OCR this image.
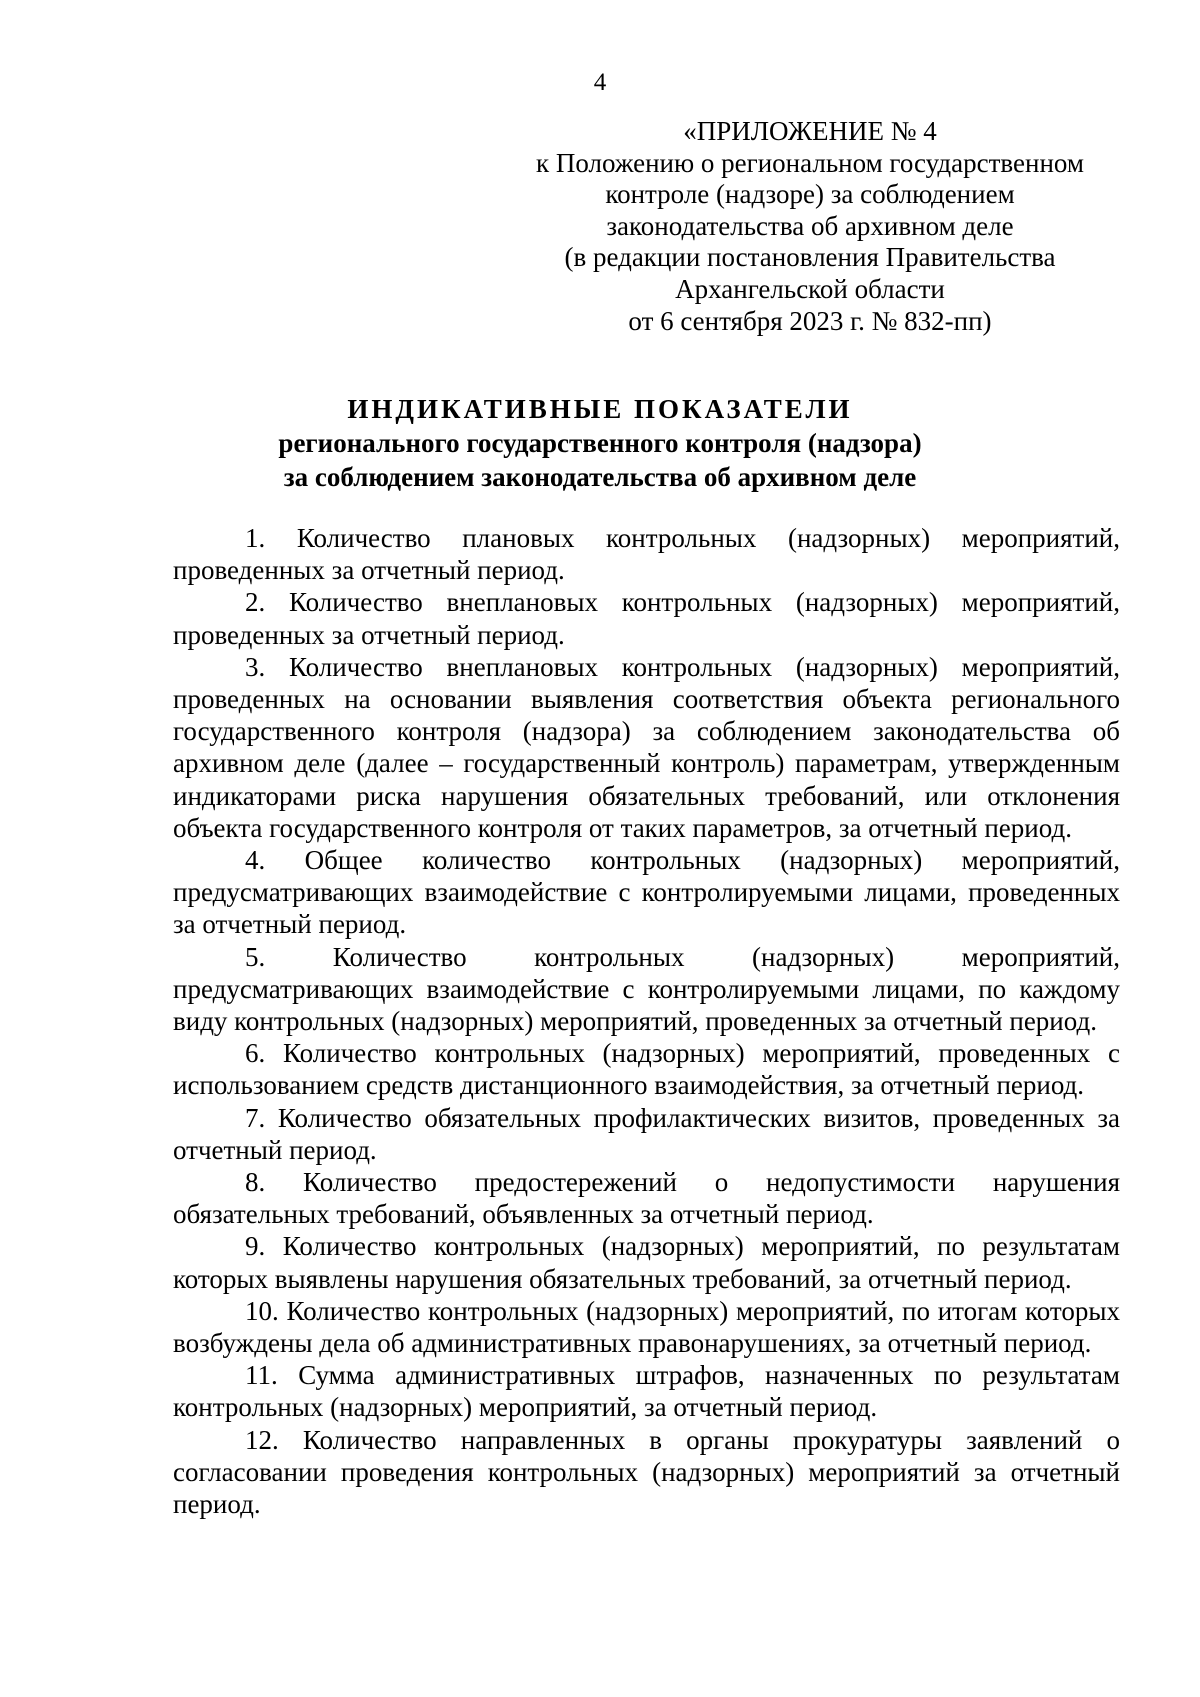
4
«ПРИЛОЖЕНИЕ № 4
к Положению о региональном государственном
контроле (надзоре) за соблюдением
законодательства об архивном деле
(в редакции постановления Правительства
Архангельской области
от 6 сентября 2023 г. № 832-пп)
ИНДИКАТИВНЫЕ ПОКАЗАТЕЛИ
регионального государственного контроля (надзора)
за соблюдением законодательства об архивном деле

1. Количество плановых контрольных (надзорных) мероприятий, проведенных за отчетный период.

2. Количество внеплановых контрольных (надзорных) мероприятий, проведенных за отчетный период.

3. Количество внеплановых контрольных (надзорных) мероприятий, проведенных на основании выявления соответствия объекта регионального государственного контроля (надзора) за соблюдением законодательства об архивном деле (далее – государственный контроль) параметрам, утвержденным индикаторами риска нарушения обязательных требований, или отклонения объекта государственного контроля от таких параметров, за отчетный период.

4. Общее количество контрольных (надзорных) мероприятий, предусматривающих взаимодействие с контролируемыми лицами, проведенных за отчетный период.

5. Количество контрольных (надзорных) мероприятий, предусматривающих взаимодействие с контролируемыми лицами, по каждому виду контрольных (надзорных) мероприятий, проведенных за отчетный период.

6. Количество контрольных (надзорных) мероприятий, проведенных с использованием средств дистанционного взаимодействия, за отчетный период.

7. Количество обязательных профилактических визитов, проведенных за отчетный период.

8. Количество предостережений о недопустимости нарушения обязательных требований, объявленных за отчетный период.

9. Количество контрольных (надзорных) мероприятий, по результатам которых выявлены нарушения обязательных требований, за отчетный период.

10. Количество контрольных (надзорных) мероприятий, по итогам которых возбуждены дела об административных правонарушениях, за отчетный период.

11. Сумма административных штрафов, назначенных по результатам контрольных (надзорных) мероприятий, за отчетный период.

12. Количество направленных в органы прокуратуры заявлений о согласовании проведения контрольных (надзорных) мероприятий за отчетный период.
